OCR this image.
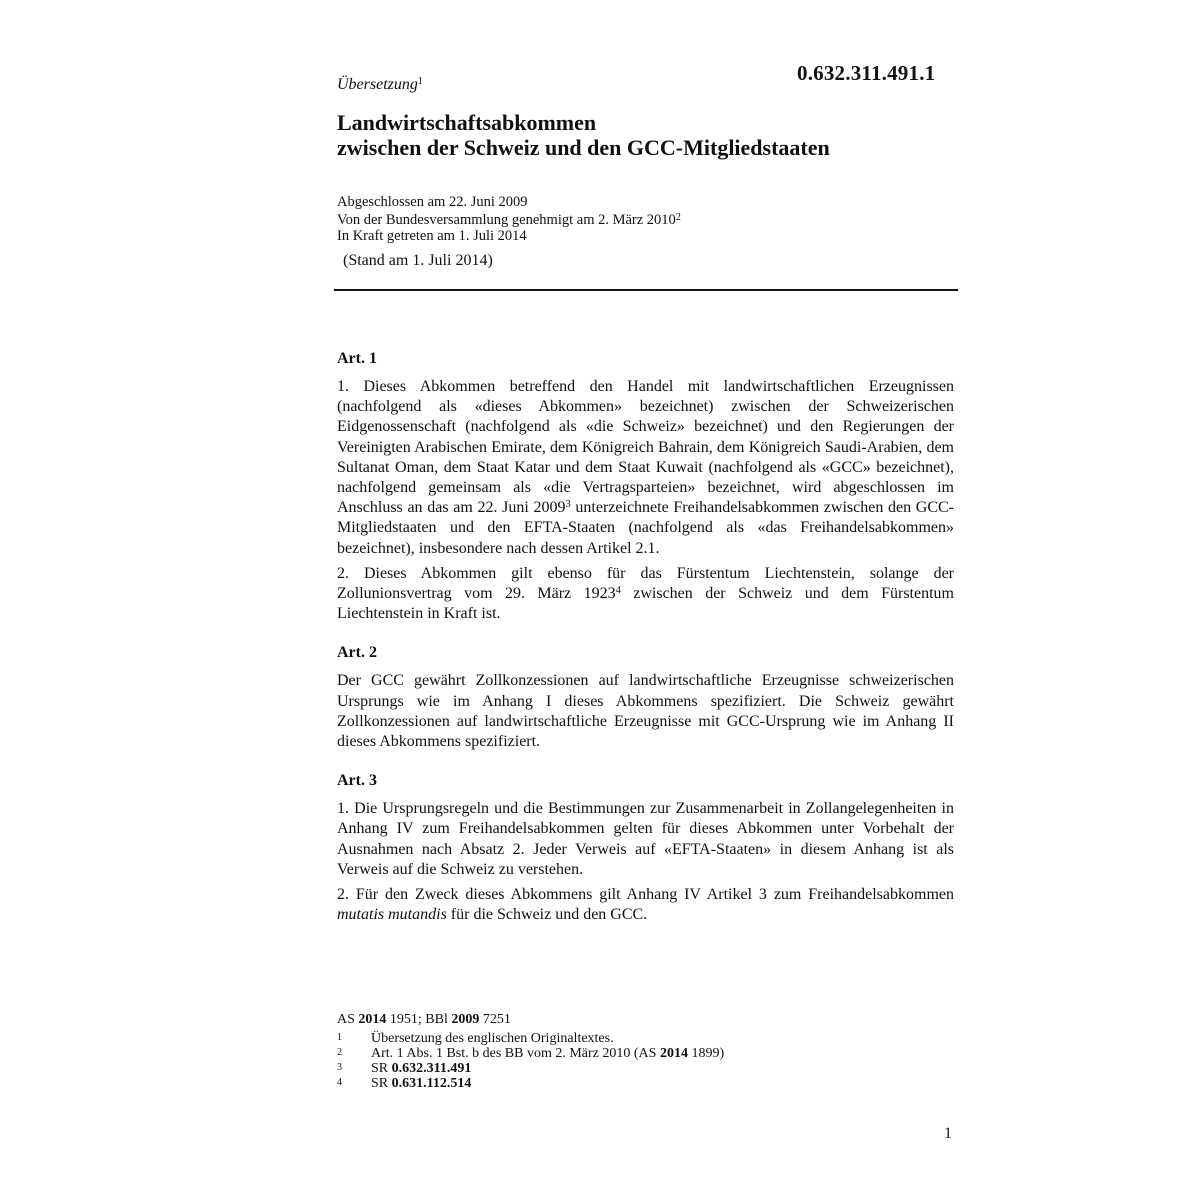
0.632.311.491.1
Übersetzung$^1$
Landwirtschaftsabkommen
zwischen der Schweiz und den GCC-Mitgliedstaaten
Abgeschlossen am 22. Juni 2009
Von der Bundesversammlung genehmigt am 2. März 2010$^2$
In Kraft getreten am 1. Juli 2014
(Stand am 1. Juli 2014)
Art. 1

1. Dieses Abkommen betreffend den Handel mit landwirtschaftlichen Erzeugnissen (nachfolgend als «dieses Abkommen» bezeichnet) zwischen der Schweizerischen Eidgenossenschaft (nachfolgend als «die Schweiz» bezeichnet) und den Regierungen der Vereinigten Arabischen Emirate, dem Königreich Bahrain, dem Königreich Saudi-Arabien, dem Sultanat Oman, dem Staat Katar und dem Staat Kuwait (nachfolgend als «GCC» bezeichnet), nachfolgend gemeinsam als «die Vertragsparteien» bezeichnet, wird abgeschlossen im Anschluss an das am 22. Juni 2009$^3$ unterzeichnete Freihandelsabkommen zwischen den GCC-Mitgliedstaaten und den EFTA-Staaten (nachfolgend als «das Freihandelsabkommen» bezeichnet), insbesondere nach dessen Artikel 2.1.

2. Dieses Abkommen gilt ebenso für das Fürstentum Liechtenstein, solange der Zollunionsvertrag vom 29. März 1923$^4$ zwischen der Schweiz und dem Fürstentum Liechtenstein in Kraft ist.

Art. 2

Der GCC gewährt Zollkonzessionen auf landwirtschaftliche Erzeugnisse schweizerischen Ursprungs wie im Anhang I dieses Abkommens spezifiziert. Die Schweiz gewährt Zollkonzessionen auf landwirtschaftliche Erzeugnisse mit GCC-Ursprung wie im Anhang II dieses Abkommens spezifiziert.

Art. 3

1. Die Ursprungsregeln und die Bestimmungen zur Zusammenarbeit in Zollangelegenheiten in Anhang IV zum Freihandelsabkommen gelten für dieses Abkommen unter Vorbehalt der Ausnahmen nach Absatz 2. Jeder Verweis auf «EFTA-Staaten» in diesem Anhang ist als Verweis auf die Schweiz zu verstehen.

2. Für den Zweck dieses Abkommens gilt Anhang IV Artikel 3 zum Freihandelsabkommen mutatis mutandis für die Schweiz und den GCC.

AS 2014 1951; BBl 2009 7251
1	Übersetzung des englischen Originaltextes.
2	Art. 1 Abs. 1 Bst. b des BB vom 2. März 2010 (AS 2014 1899)
3	SR 0.632.311.491
4	SR 0.631.112.514
1
